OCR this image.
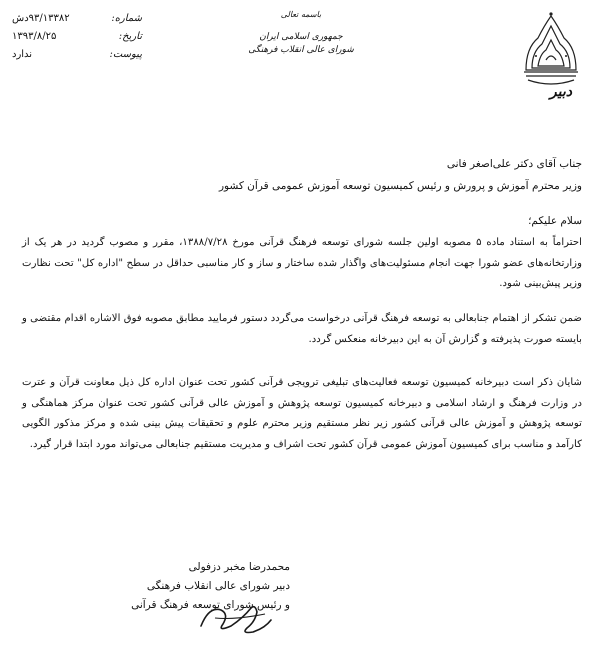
شماره:
۹۳/۱۳۳۸۲دش
تاریخ:
۱۳۹۳/۸/۲۵
پیوست:
ندارد
باسمه تعالی
جمهوری اسلامی ایران
شورای عالی انقلاب فرهنگی
دبیر
جناب آقای دکتر علی‌اصغر فانی
وزیر محترم آموزش و پرورش و رئیس کمیسیون توسعه آموزش عمومی قرآن کشور
سلام علیکم؛
احتراماً به استناد ماده ۵ مصوبه اولین جلسه شورای توسعه فرهنگ قرآنی مورخ ۱۳۸۸/۷/۲۸، مقرر و مصوب گردید در هر یک از وزارتخانه‌های عضو شورا جهت انجام مسئولیت‌های واگذار شده ساختار و ساز و کار مناسبی حداقل در سطح "اداره کل" تحت نظارت وزیر پیش‌بینی شود.
ضمن تشکر از اهتمام جنابعالی به توسعه فرهنگ قرآنی درخواست می‌گردد دستور فرمایید مطابق مصوبه فوق الاشاره اقدام مقتضی و بایسته صورت پذیرفته و گزارش آن به این دبیرخانه منعکس گردد.
شایان ذکر است دبیرخانه کمیسیون توسعه فعالیت‌های تبلیغی ترویجی قرآنی کشور تحت عنوان اداره کل ذیل معاونت قرآن و عترت در وزارت فرهنگ و ارشاد اسلامی و دبیرخانه کمیسیون توسعه پژوهش و آموزش عالی قرآنی کشور تحت عنوان مرکز هماهنگی و توسعه پژوهش و آموزش عالی قرآنی کشور زیر نظر مستقیم وزیر محترم علوم و تحقیقات پیش بینی شده و مرکز مذکور الگویی کارآمد و مناسب برای کمیسیون آموزش عمومی قرآن کشور تحت اشراف و مدیریت مستقیم جنابعالی می‌تواند مورد ابتدا قرار گیرد.
محمدرضا مخبر دزفولی
دبیر شورای عالی انقلاب فرهنگی
و رئیس شورای توسعه فرهنگ قرآنی
